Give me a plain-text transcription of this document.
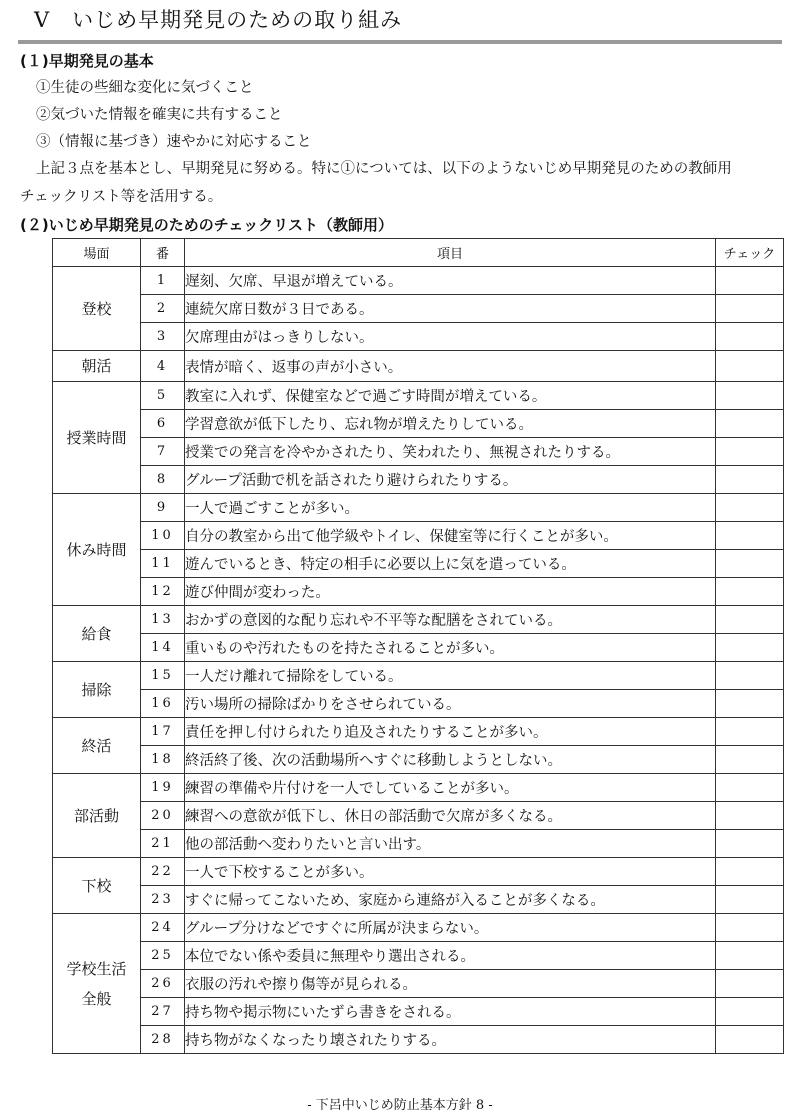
Ⅴ　いじめ早期発見のための取り組み
(１)早期発見の基本
①生徒の些細な変化に気づくこと
②気づいた情報を確実に共有すること
③（情報に基づき）速やかに対応すること
上記３点を基本とし、早期発見に努める。特に①については、以下のようないじめ早期発見のための教師用
チェックリスト等を活用する。
(２)いじめ早期発見のためのチェックリスト（教師用）
場面	番	項目	チェック
登校	1	遅刻、欠席、早退が増えている。	
	2	連続欠席日数が３日である。	
	3	欠席理由がはっきりしない。	
朝活	4	表情が暗く、返事の声が小さい。	
授業時間	5	教室に入れず、保健室などで過ごす時間が増えている。	
	6	学習意欲が低下したり、忘れ物が増えたりしている。	
	7	授業での発言を冷やかされたり、笑われたり、無視されたりする。	
	8	グループ活動で机を話されたり避けられたりする。	
休み時間	9	一人で過ごすことが多い。	
	10	自分の教室から出て他学級やトイレ、保健室等に行くことが多い。	
	11	遊んでいるとき、特定の相手に必要以上に気を遣っている。	
	12	遊び仲間が変わった。	
給食	13	おかずの意図的な配り忘れや不平等な配膳をされている。	
	14	重いものや汚れたものを持たされることが多い。	
掃除	15	一人だけ離れて掃除をしている。	
	16	汚い場所の掃除ばかりをさせられている。	
終活	17	責任を押し付けられたり追及されたりすることが多い。	
	18	終活終了後、次の活動場所へすぐに移動しようとしない。	
部活動	19	練習の準備や片付けを一人でしていることが多い。	
	20	練習への意欲が低下し、休日の部活動で欠席が多くなる。	
	21	他の部活動へ変わりたいと言い出す。	
下校	22	一人で下校することが多い。	
	23	すぐに帰ってこないため、家庭から連絡が入ることが多くなる。	

学校生活
全般	24	グループ分けなどですぐに所属が決まらない。	
	25	本位でない係や委員に無理やり選出される。	
	26	衣服の汚れや擦り傷等が見られる。	
	27	持ち物や掲示物にいたずら書きをされる。	
	28	持ち物がなくなったり壊されたりする。	
- 下呂中いじめ防止基本方針 8 -
